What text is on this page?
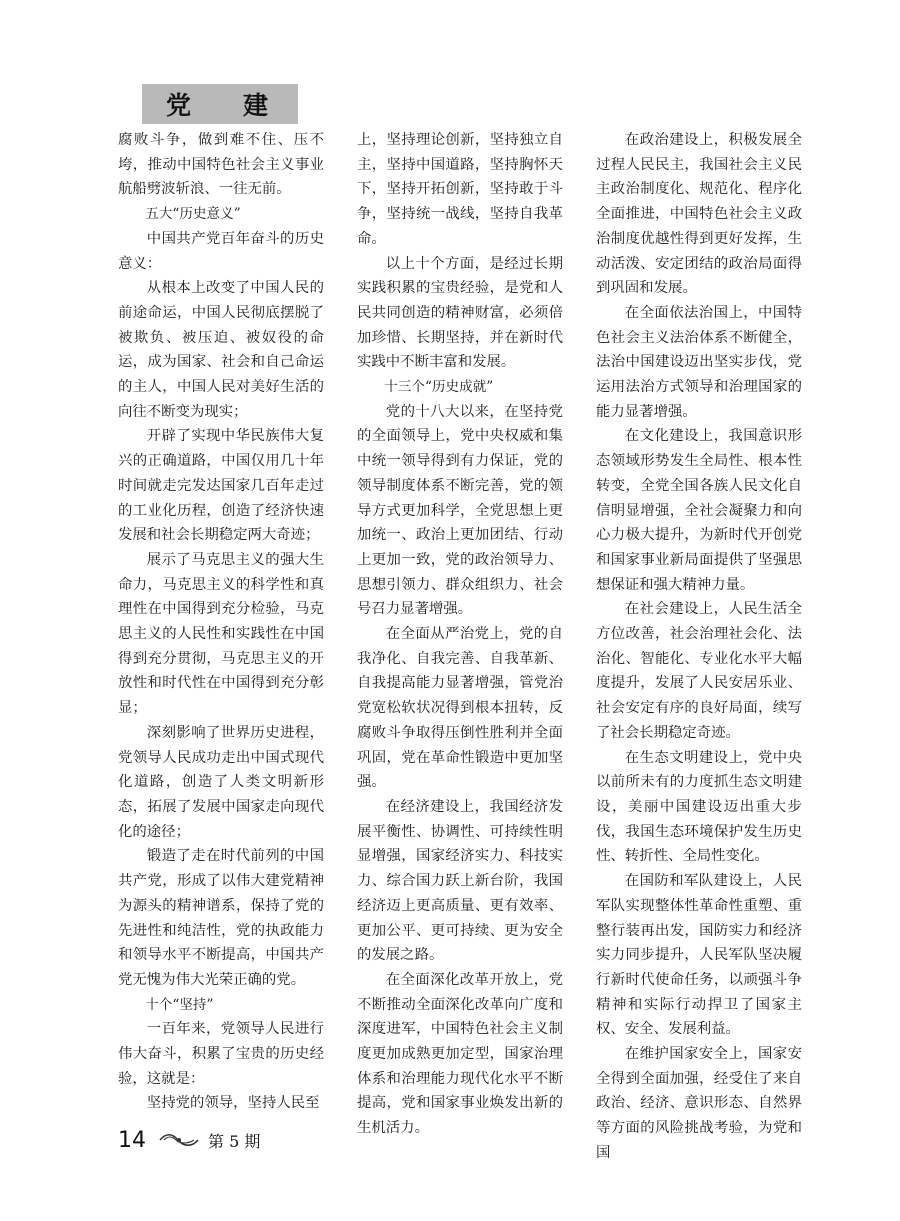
党 建

腐败斗争，做到难不住、压不垮，推动中国特色社会主义事业航船劈波斩浪、一往无前。

五大“历史意义”

中国共产党百年奋斗的历史意义：

从根本上改变了中国人民的前途命运，中国人民彻底摆脱了被欺负、被压迫、被奴役的命运，成为国家、社会和自己命运的主人，中国人民对美好生活的向往不断变为现实；

开辟了实现中华民族伟大复兴的正确道路，中国仅用几十年时间就走完发达国家几百年走过的工业化历程，创造了经济快速发展和社会长期稳定两大奇迹；

展示了马克思主义的强大生命力，马克思主义的科学性和真理性在中国得到充分检验，马克思主义的人民性和实践性在中国得到充分贯彻，马克思主义的开放性和时代性在中国得到充分彰显；

深刻影响了世界历史进程，党领导人民成功走出中国式现代化道路，创造了人类文明新形态，拓展了发展中国家走向现代化的途径；

锻造了走在时代前列的中国共产党，形成了以伟大建党精神为源头的精神谱系，保持了党的先进性和纯洁性，党的执政能力和领导水平不断提高，中国共产党无愧为伟大光荣正确的党。

十个“坚持”

一百年来，党领导人民进行伟大奋斗，积累了宝贵的历史经验，这就是：

坚持党的领导，坚持人民至

上，坚持理论创新，坚持独立自主，坚持中国道路，坚持胸怀天下，坚持开拓创新，坚持敢于斗争，坚持统一战线，坚持自我革命。

以上十个方面，是经过长期实践积累的宝贵经验，是党和人民共同创造的精神财富，必须倍加珍惜、长期坚持，并在新时代实践中不断丰富和发展。

十三个“历史成就”

党的十八大以来，在坚持党的全面领导上，党中央权威和集中统一领导得到有力保证，党的领导制度体系不断完善，党的领导方式更加科学，全党思想上更加统一、政治上更加团结、行动上更加一致，党的政治领导力、思想引领力、群众组织力、社会号召力显著增强。

在全面从严治党上，党的自我净化、自我完善、自我革新、自我提高能力显著增强，管党治党宽松软状况得到根本扭转，反腐败斗争取得压倒性胜利并全面巩固，党在革命性锻造中更加坚强。

在经济建设上，我国经济发展平衡性、协调性、可持续性明显增强，国家经济实力、科技实力、综合国力跃上新台阶，我国经济迈上更高质量、更有效率、更加公平、更可持续、更为安全的发展之路。

在全面深化改革开放上，党不断推动全面深化改革向广度和深度进军，中国特色社会主义制度更加成熟更加定型，国家治理体系和治理能力现代化水平不断提高，党和国家事业焕发出新的生机活力。

在政治建设上，积极发展全过程人民民主，我国社会主义民主政治制度化、规范化、程序化全面推进，中国特色社会主义政治制度优越性得到更好发挥，生动活泼、安定团结的政治局面得到巩固和发展。

在全面依法治国上，中国特色社会主义法治体系不断健全，法治中国建设迈出坚实步伐，党运用法治方式领导和治理国家的能力显著增强。

在文化建设上，我国意识形态领域形势发生全局性、根本性转变，全党全国各族人民文化自信明显增强，全社会凝聚力和向心力极大提升，为新时代开创党和国家事业新局面提供了坚强思想保证和强大精神力量。

在社会建设上，人民生活全方位改善，社会治理社会化、法治化、智能化、专业化水平大幅度提升，发展了人民安居乐业、社会安定有序的良好局面，续写了社会长期稳定奇迹。

在生态文明建设上，党中央以前所未有的力度抓生态文明建设，美丽中国建设迈出重大步伐，我国生态环境保护发生历史性、转折性、全局性变化。

在国防和军队建设上，人民军队实现整体性革命性重塑、重整行装再出发，国防实力和经济实力同步提升，人民军队坚决履行新时代使命任务，以顽强斗争精神和实际行动捍卫了国家主权、安全、发展利益。

在维护国家安全上，国家安全得到全面加强，经受住了来自政治、经济、意识形态、自然界等方面的风险挑战考验，为党和国

14	第 5 期
